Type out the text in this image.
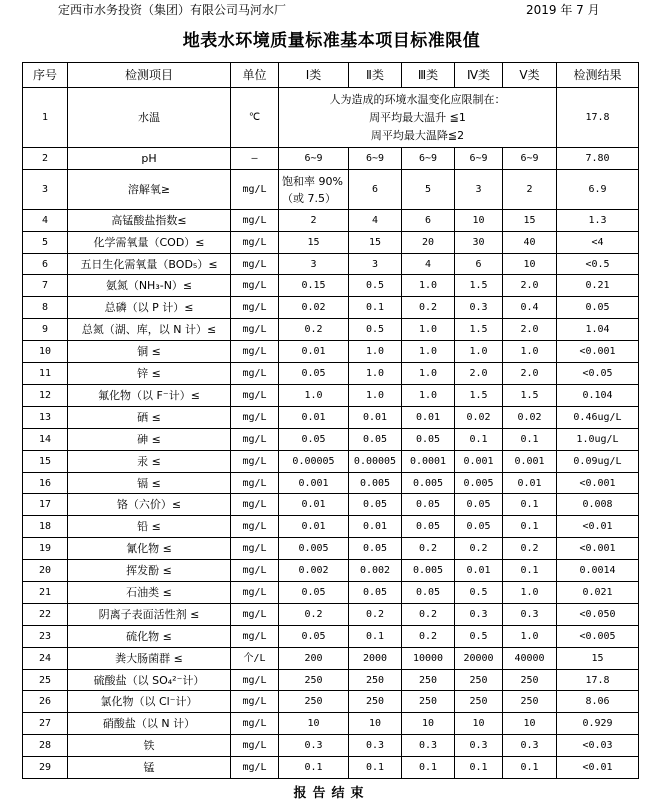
定西市水务投资（集团）有限公司马河水厂	2019 年 7 月
地表水环境质量标准基本项目标准限值
序号	检测项目	单位	Ⅰ类	Ⅱ类	Ⅲ类	Ⅳ类	Ⅴ类	检测结果
1	水温	℃	人为造成的环境水温变化应限制在：
周平均最大温升 ≦1
周平均最大温降≦2					17.8
2	pH	—	6~9	6~9	6~9	6~9	6~9	7.80
3	溶解氧≥	mg/L	饱和率 90%
（或 7.5）	6	5	3	2	6.9
4	高锰酸盐指数≤	mg/L	2	4	6	10	15	1.3
5	化学需氧量（COD）≤	mg/L	15	15	20	30	40	<4
6	五日生化需氧量（BOD₅）≤	mg/L	3	3	4	6	10	<0.5
7	氨氮（NH₃-N）≤	mg/L	0.15	0.5	1.0	1.5	2.0	0.21
8	总磷（以 P 计）≤	mg/L	0.02	0.1	0.2	0.3	0.4	0.05
9	总氮（湖、库，以 N 计）≤	mg/L	0.2	0.5	1.0	1.5	2.0	1.04
10	铜 ≤	mg/L	0.01	1.0	1.0	1.0	1.0	<0.001
11	锌 ≤	mg/L	0.05	1.0	1.0	2.0	2.0	<0.05
12	氟化物（以 F⁻计）≤	mg/L	1.0	1.0	1.0	1.5	1.5	0.104
13	硒 ≤	mg/L	0.01	0.01	0.01	0.02	0.02	0.46ug/L
14	砷 ≤	mg/L	0.05	0.05	0.05	0.1	0.1	1.0ug/L
15	汞 ≤	mg/L	0.00005	0.00005	0.0001	0.001	0.001	0.09ug/L
16	镉 ≤	mg/L	0.001	0.005	0.005	0.005	0.01	<0.001
17	铬（六价）≤	mg/L	0.01	0.05	0.05	0.05	0.1	0.008
18	铅 ≤	mg/L	0.01	0.01	0.05	0.05	0.1	<0.01
19	氰化物 ≤	mg/L	0.005	0.05	0.2	0.2	0.2	<0.001
20	挥发酚 ≤	mg/L	0.002	0.002	0.005	0.01	0.1	0.0014
21	石油类 ≤	mg/L	0.05	0.05	0.05	0.5	1.0	0.021
22	阴离子表面活性剂 ≤	mg/L	0.2	0.2	0.2	0.3	0.3	<0.050
23	硫化物 ≤	mg/L	0.05	0.1	0.2	0.5	1.0	<0.005
24	粪大肠菌群 ≤	个/L	200	2000	10000	20000	40000	15
25	硫酸盐（以 SO₄²⁻计）	mg/L	250	250	250	250	250	17.8
26	氯化物（以 Cl⁻计）	mg/L	250	250	250	250	250	8.06
27	硝酸盐（以 N 计）	mg/L	10	10	10	10	10	0.929
28	铁	mg/L	0.3	0.3	0.3	0.3	0.3	<0.03
29	锰	mg/L	0.1	0.1	0.1	0.1	0.1	<0.01
报告结束
